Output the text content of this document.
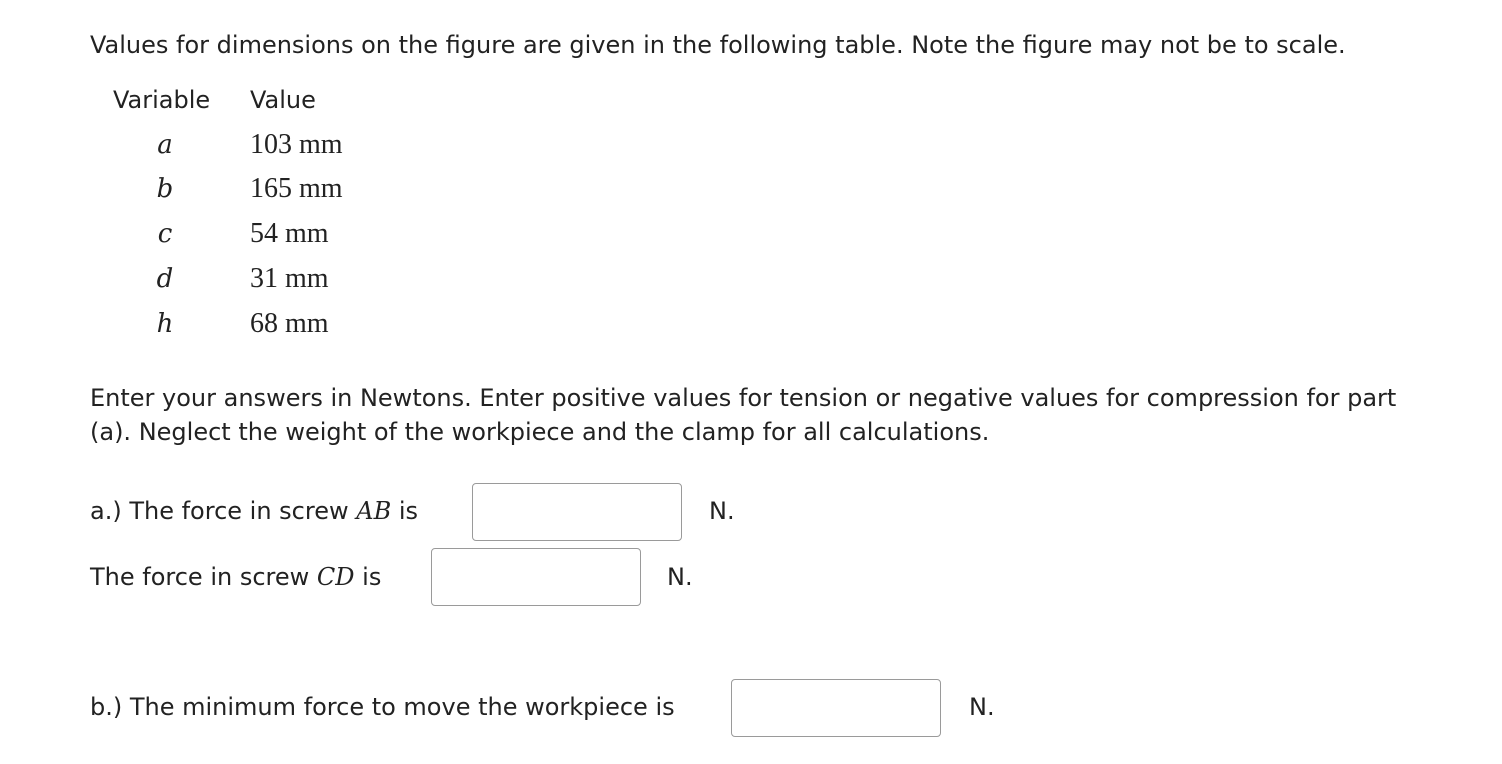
Values for dimensions on the figure are given in the following table. Note the figure may not be to scale.

Variable Value
a	103 mm
b	165 mm
c	54 mm
d	31 mm
h	68 mm

Enter your answers in Newtons. Enter positive values for tension or negative values for compression for part

(a). Neglect the weight of the workpiece and the clamp for all calculations.

a.) The force in screw AB is	N.
The force in screw CD is	N.
b.) The minimum force to move the workpiece is	N.
